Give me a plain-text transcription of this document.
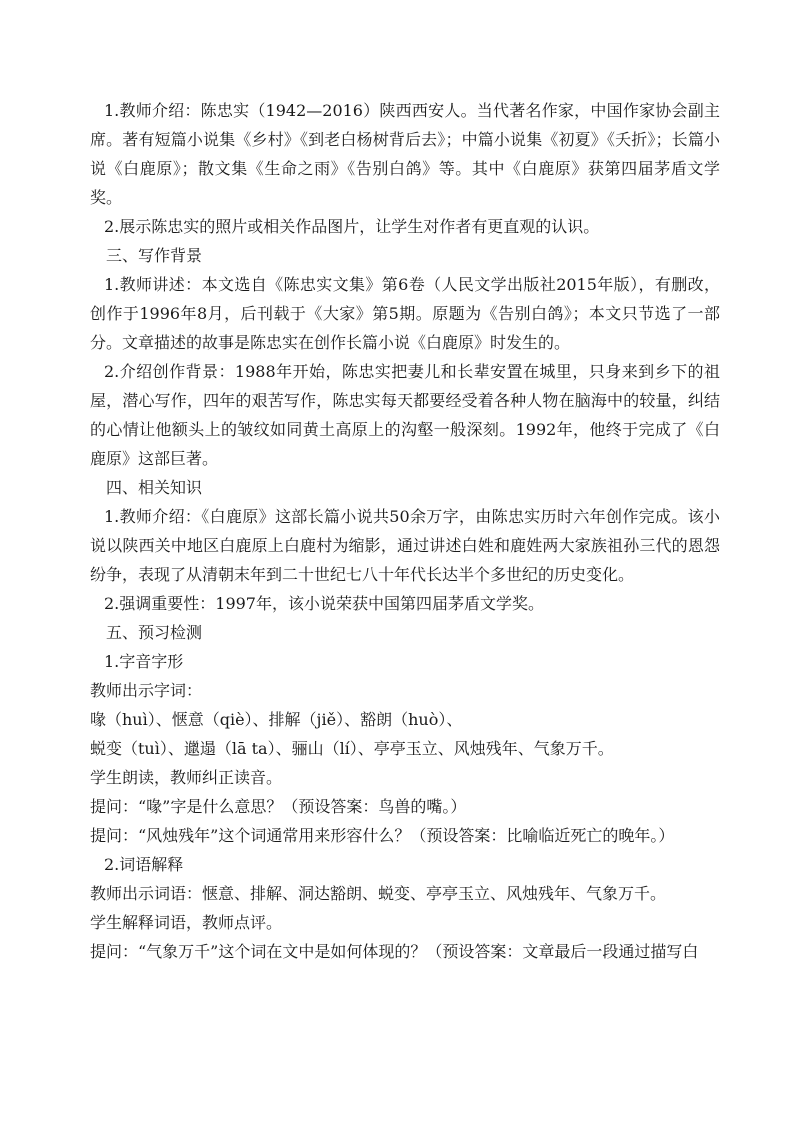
1.教师介绍：陈忠实（1942—2016）陕西西安人。当代著名作家，中国作家协会副主席。著有短篇小说集《乡村》《到老白杨树背后去》；中篇小说集《初夏》《夭折》；长篇小说《白鹿原》；散文集《生命之雨》《告别白鸽》等。其中《白鹿原》获第四届茅盾文学奖。

2.展示陈忠实的照片或相关作品图片，让学生对作者有更直观的认识。

三、写作背景

1.教师讲述：本文选自《陈忠实文集》第6卷（人民文学出版社2015年版），有删改，创作于1996年8月，后刊载于《大家》第5期。原题为《告别白鸽》；本文只节选了一部分。文章描述的故事是陈忠实在创作长篇小说《白鹿原》时发生的。

2.介绍创作背景：1988年开始，陈忠实把妻儿和长辈安置在城里，只身来到乡下的祖屋，潜心写作，四年的艰苦写作，陈忠实每天都要经受着各种人物在脑海中的较量，纠结的心情让他额头上的皱纹如同黄土高原上的沟壑一般深刻。1992年，他终于完成了《白鹿原》这部巨著。

四、相关知识

1.教师介绍：《白鹿原》这部长篇小说共50余万字，由陈忠实历时六年创作完成。该小说以陕西关中地区白鹿原上白鹿村为缩影，通过讲述白姓和鹿姓两大家族祖孙三代的恩怨纷争，表现了从清朝末年到二十世纪七八十年代长达半个多世纪的历史变化。

2.强调重要性：1997年，该小说荣获中国第四届茅盾文学奖。

五、预习检测

1.字音字形

教师出示字词：

喙（huì）、惬意（qiè）、排解（jiě）、豁朗（huò）、

蜕变（tuì）、邋遢（lā ta）、骊山（lí）、亭亭玉立、风烛残年、气象万千。

学生朗读，教师纠正读音。

提问：“喙”字是什么意思？（预设答案：鸟兽的嘴。）

提问：“风烛残年”这个词通常用来形容什么？（预设答案：比喻临近死亡的晚年。）

2.词语解释

教师出示词语：惬意、排解、洞达豁朗、蜕变、亭亭玉立、风烛残年、气象万千。

学生解释词语，教师点评。

提问：“气象万千”这个词在文中是如何体现的？（预设答案：文章最后一段通过描写白
